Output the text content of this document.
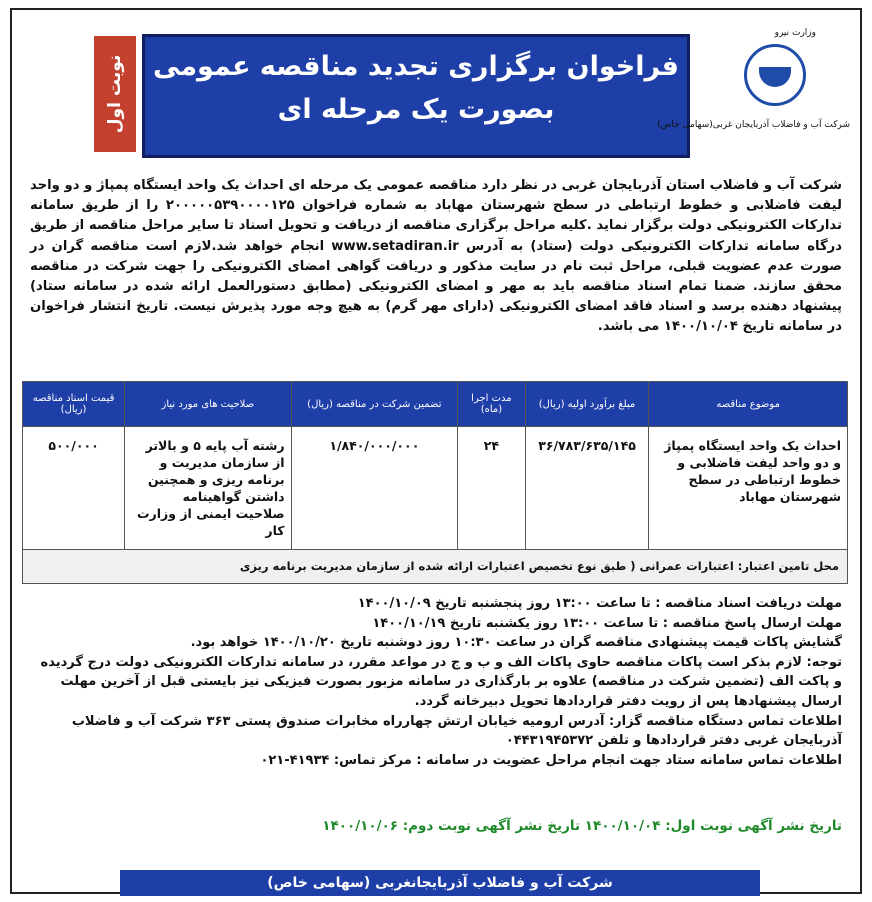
نوبت اول فراخوان برگزاری تجدید مناقصه عمومی
بصورت یک مرحله ای
وزارت نیرو
شرکت آب و فاضلاب آذربایجان غربی(سهامی خاص)
شرکت آب و فاضلاب استان آذربایجان غربی در نظر دارد مناقصه عمومی یک مرحله ای احداث یک واحد ایستگاه پمپاژ و دو واحد لیفت فاضلابی و خطوط ارتباطی در سطح شهرستان مهاباد به شماره فراخوان ۲۰۰۰۰۰۵۳۹۰۰۰۰۱۲۵ را از طریق سامانه تدارکات الکترونیکی دولت برگزار نماید .کلیه مراحل برگزاری مناقصه از دریافت و تحویل اسناد تا سایر مراحل مناقصه از طریق درگاه سامانه تدارکات الکترونیکی دولت (ستاد) به آدرس www.setadiran.ir انجام خواهد شد.لازم است مناقصه گران در صورت عدم عضویت قبلی، مراحل ثبت نام در سایت مذکور و دریافت گواهی امضای الکترونیکی را جهت شرکت در مناقصه محقق سازند. ضمنا تمام اسناد مناقصه باید به مهر و امضای الکترونیکی (مطابق دستورالعمل ارائه شده در سامانه ستاد) پیشنهاد دهنده برسد و اسناد فاقد امضای الکترونیکی (دارای مهر گرم) به هیچ وجه مورد پذیرش نیست. تاریخ انتشار فراخوان در سامانه تاریخ ۱۴۰۰/۱۰/۰۴ می باشد.
موضوع مناقصه	مبلغ برآورد اولیه (ریال)	مدت اجرا (ماه)	تضمین شرکت در مناقصه (ریال)	صلاحیت های مورد نیاز	قیمت اسناد مناقصه (ریال)
احداث یک واحد ایستگاه پمپاژ و دو واحد لیفت فاضلابی و خطوط ارتباطی در سطح شهرستان مهاباد	۳۶/۷۸۳/۶۳۵/۱۴۵	۲۴	۱/۸۴۰/۰۰۰/۰۰۰	رشته آب پایه ۵ و بالاتر از سازمان مدیریت و برنامه ریزی و همچنین داشتن گواهینامه صلاحیت ایمنی از وزارت کار	۵۰۰/۰۰۰
محل تامین اعتبار: اعتبارات عمرانی ( طبق نوع تخصیص اعتبارات ارائه شده از سازمان مدیریت برنامه ریزی					

مهلت دریافت اسناد مناقصه : تا ساعت ۱۳:۰۰ روز پنجشنبه تاریخ ۱۴۰۰/۱۰/۰۹

مهلت ارسال پاسخ مناقصه : تا ساعت ۱۳:۰۰ روز یکشنبه تاریخ ۱۴۰۰/۱۰/۱۹

گشایش پاکات قیمت پیشنهادی مناقصه گران در ساعت ۱۰:۳۰ روز دوشنبه تاریخ ۱۴۰۰/۱۰/۲۰ خواهد بود.

توجه: لازم بذکر است پاکات مناقصه حاوی پاکات الف و ب و ج در مواعد مقرر، در سامانه تدارکات الکترونیکی دولت درج گردیده و پاکت الف (تضمین شرکت در مناقصه) علاوه بر بارگذاری در سامانه مزبور بصورت فیزیکی نیز بایستی قبل از آخرین مهلت ارسال پیشنهادها پس از رویت دفتر قراردادها تحویل دبیرخانه گردد.

اطلاعات تماس دستگاه مناقصه گزار: آدرس ارومیه خیابان ارتش چهارراه مخابرات صندوق پستی ۳۶۳ شرکت آب و فاضلاب آذربایجان غربی دفتر قراردادها و تلفن ۰۴۴۳۱۹۴۵۳۷۲

اطلاعات تماس سامانه ستاد جهت انجام مراحل عضویت در سامانه : مرکز تماس: ۴۱۹۳۴-۰۲۱

تاریخ نشر آگهی نوبت اول: ۱۴۰۰/۱۰/۰۴ تاریخ نشر آگهی نوبت دوم: ۱۴۰۰/۱۰/۰۶
شرکت آب و فاضلاب آذربایجانغربی (سهامی خاص)
